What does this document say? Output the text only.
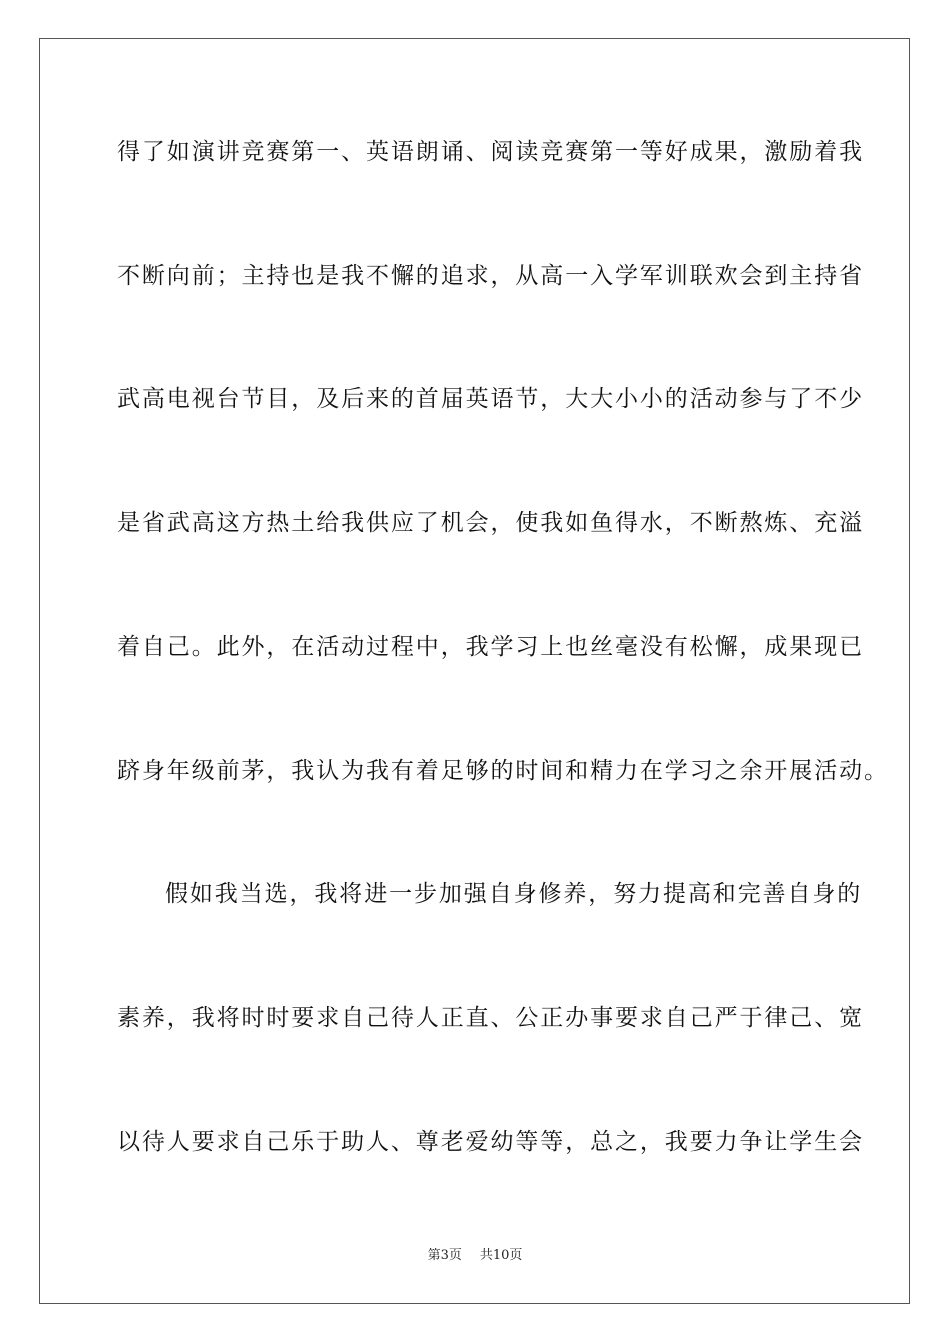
得了如演讲竞赛第一、英语朗诵、阅读竞赛第一等好成果，激励着我
不断向前；主持也是我不懈的追求，从高一入学军训联欢会到主持省
武高电视台节目，及后来的首届英语节，大大小小的活动参与了不少
是省武高这方热土给我供应了机会，使我如鱼得水，不断熬炼、充溢
着自己。此外，在活动过程中，我学习上也丝毫没有松懈，成果现已
跻身年级前茅，我认为我有着足够的时间和精力在学习之余开展活动。
假如我当选，我将进一步加强自身修养，努力提高和完善自身的
素养，我将时时要求自己待人正直、公正办事要求自己严于律己、宽
以待人要求自己乐于助人、尊老爱幼等等，总之，我要力争让学生会
第3页 共10页
